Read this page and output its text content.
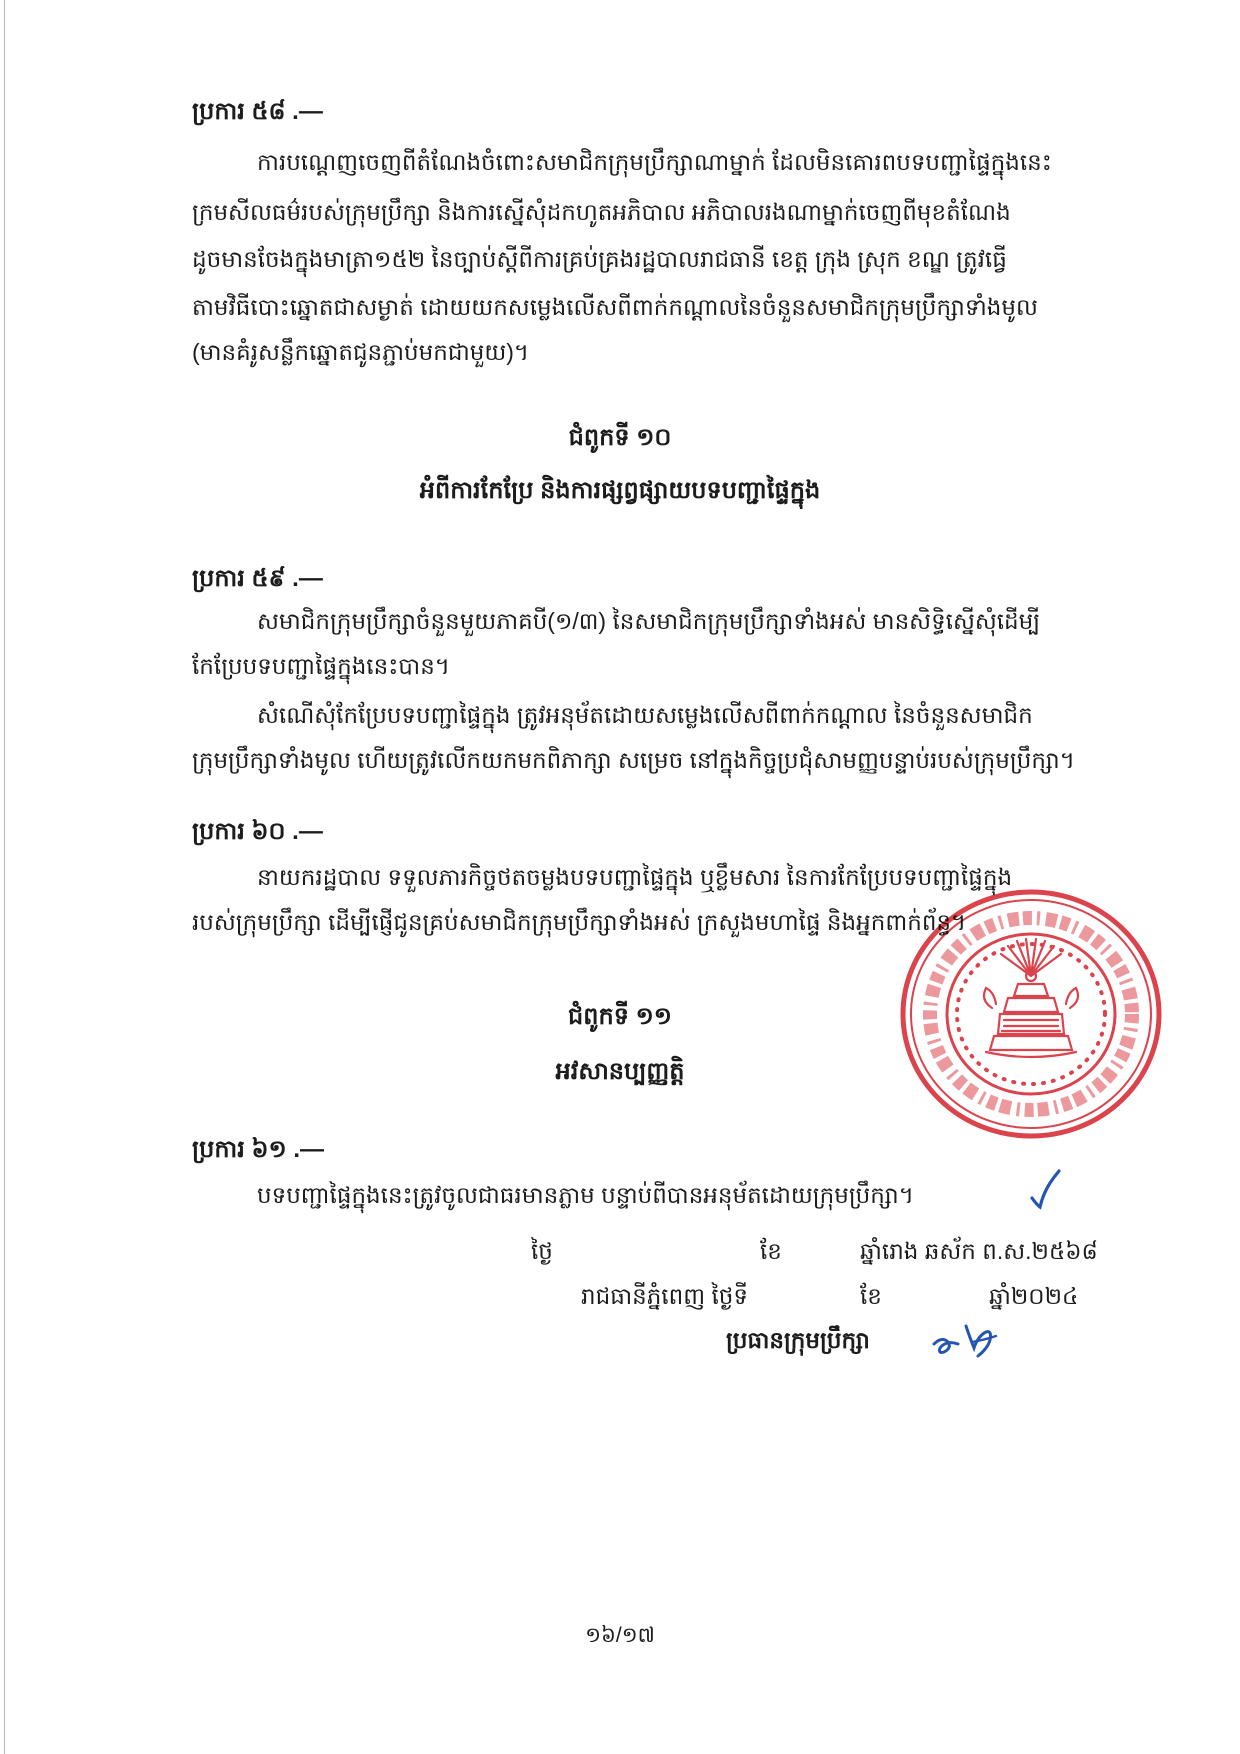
ប្រការ ៥៨ .—
ការបណ្តេញចេញពីតំណែងចំពោះសមាជិកក្រុមប្រឹក្សាណាម្នាក់ ដែលមិនគោរពបទបញ្ជាផ្ទៃក្នុងនេះ
ក្រមសីលធម៌របស់ក្រុមប្រឹក្សា និងការស្នើសុំដកហូតអភិបាល អភិបាលរងណាម្នាក់ចេញពីមុខតំណែង
ដូចមានចែងក្នុងមាត្រា១៥២ នៃច្បាប់ស្តីពីការគ្រប់គ្រងរដ្ឋបាលរាជធានី ខេត្ត ក្រុង ស្រុក ខណ្ឌ ត្រូវធ្វើ
តាមវិធីបោះឆ្នោតជាសម្ងាត់ ដោយយកសម្លេងលើសពីពាក់កណ្តាលនៃចំនួនសមាជិកក្រុមប្រឹក្សាទាំងមូល
(មានគំរូសន្លឹកឆ្នោតជូនភ្ជាប់មកជាមួយ)។
ជំពូកទី ១០
អំពីការកែប្រែ និងការផ្សព្វផ្សាយបទបញ្ជាផ្ទៃក្នុង
ប្រការ ៥៩ .—
សមាជិកក្រុមប្រឹក្សាចំនួនមួយភាគបី(១/៣) នៃសមាជិកក្រុមប្រឹក្សាទាំងអស់ មានសិទ្ធិស្នើសុំដើម្បី
កែប្រែបទបញ្ជាផ្ទៃក្នុងនេះបាន។
សំណើសុំកែប្រែបទបញ្ជាផ្ទៃក្នុង ត្រូវអនុម័តដោយសម្លេងលើសពីពាក់កណ្តាល នៃចំនួនសមាជិក
ក្រុមប្រឹក្សាទាំងមូល ហើយត្រូវលើកយកមកពិភាក្សា សម្រេច នៅក្នុងកិច្ចប្រជុំសាមញ្ញបន្ទាប់របស់ក្រុមប្រឹក្សា។
ប្រការ ៦០ .—
នាយករដ្ឋបាល ទទួលភារកិច្ចថតចម្លងបទបញ្ជាផ្ទៃក្នុង ឬខ្លឹមសារ នៃការកែប្រែបទបញ្ជាផ្ទៃក្នុង
របស់ក្រុមប្រឹក្សា ដើម្បីផ្ញើជូនគ្រប់សមាជិកក្រុមប្រឹក្សាទាំងអស់ ក្រសួងមហាផ្ទៃ និងអ្នកពាក់ព័ន្ធ។
ជំពូកទី ១១
អវសានប្បញ្ញត្តិ
ប្រការ ៦១ .—
បទបញ្ជាផ្ទៃក្នុងនេះត្រូវចូលជាធរមានភ្លាម បន្ទាប់ពីបានអនុម័តដោយក្រុមប្រឹក្សា។
ថ្ងៃ	ខែ	ឆ្នាំរោង ឆស័ក ព.ស.២៥៦៨
រាជធានីភ្នំពេញ ថ្ងៃទី	ខែ	ឆ្នាំ២០២៤
ប្រធានក្រុមប្រឹក្សា
១៦/១៧
